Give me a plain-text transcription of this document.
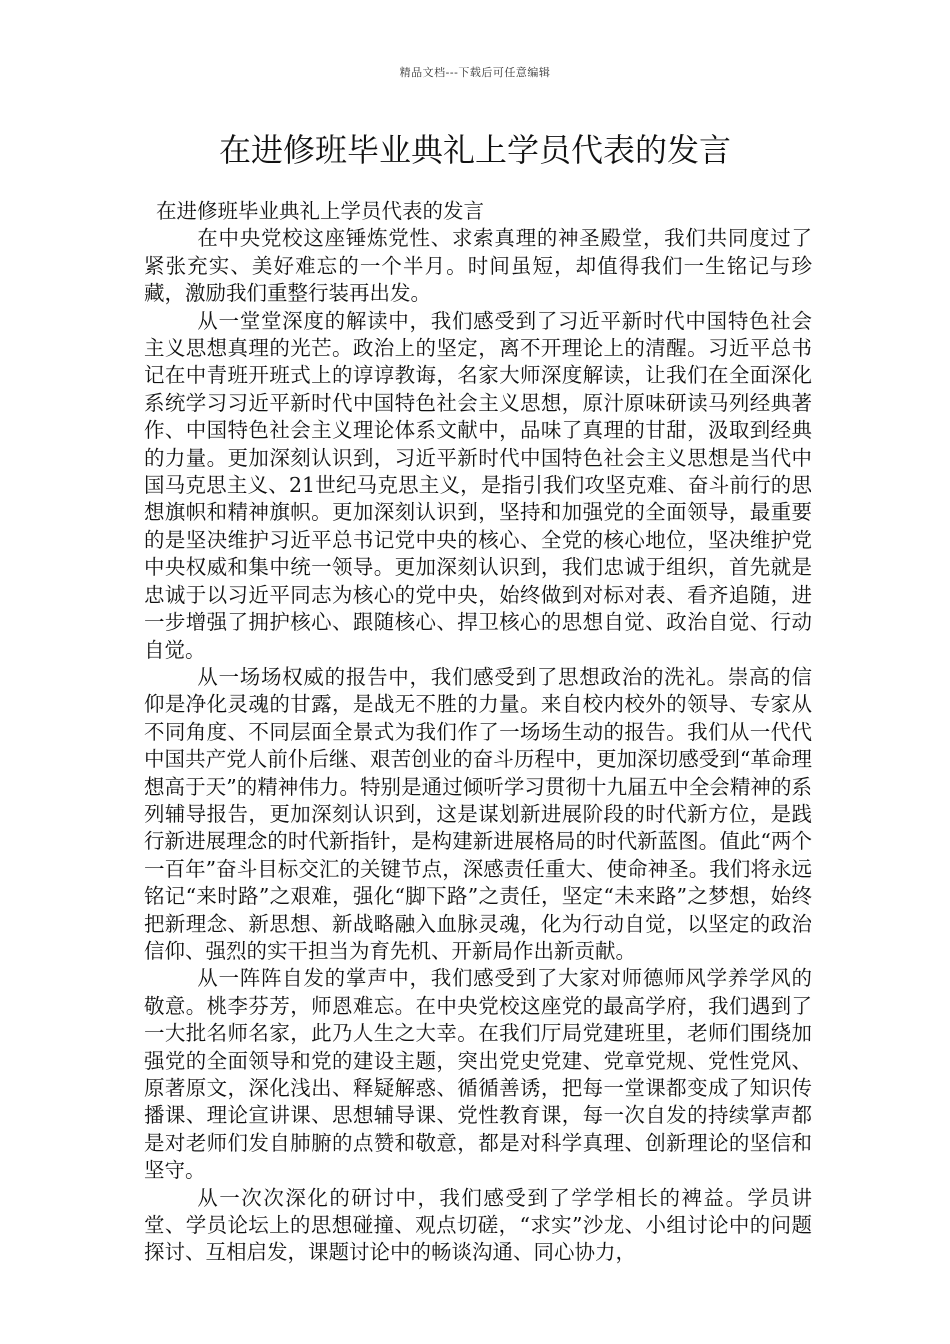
精品文档---下载后可任意编辑
在进修班毕业典礼上学员代表的发言

在进修班毕业典礼上学员代表的发言

在中央党校这座锤炼党性、求索真理的神圣殿堂，我们共同度过了紧张充实、美好难忘的一个半月。时间虽短，却值得我们一生铭记与珍藏，激励我们重整行装再出发。

从一堂堂深度的解读中，我们感受到了习近平新时代中国特色社会主义思想真理的光芒。政治上的坚定，离不开理论上的清醒。习近平总书记在中青班开班式上的谆谆教诲，名家大师深度解读，让我们在全面深化系统学习习近平新时代中国特色社会主义思想，原汁原味研读马列经典著作、中国特色社会主义理论体系文献中，品味了真理的甘甜，汲取到经典的力量。更加深刻认识到，习近平新时代中国特色社会主义思想是当代中国马克思主义、21世纪马克思主义，是指引我们攻坚克难、奋斗前行的思想旗帜和精神旗帜。更加深刻认识到，坚持和加强党的全面领导，最重要的是坚决维护习近平总书记党中央的核心、全党的核心地位，坚决维护党中央权威和集中统一领导。更加深刻认识到，我们忠诚于组织，首先就是忠诚于以习近平同志为核心的党中央，始终做到对标对表、看齐追随，进一步增强了拥护核心、跟随核心、捍卫核心的思想自觉、政治自觉、行动自觉。

从一场场权威的报告中，我们感受到了思想政治的洗礼。崇高的信仰是净化灵魂的甘露，是战无不胜的力量。来自校内校外的领导、专家从不同角度、不同层面全景式为我们作了一场场生动的报告。我们从一代代中国共产党人前仆后继、艰苦创业的奋斗历程中，更加深切感受到“革命理想高于天”的精神伟力。特别是通过倾听学习贯彻十九届五中全会精神的系列辅导报告，更加深刻认识到，这是谋划新进展阶段的时代新方位，是践行新进展理念的时代新指针，是构建新进展格局的时代新蓝图。值此“两个一百年”奋斗目标交汇的关键节点，深感责任重大、使命神圣。我们将永远铭记“来时路”之艰难，强化“脚下路”之责任，坚定“未来路”之梦想，始终把新理念、新思想、新战略融入血脉灵魂，化为行动自觉，以坚定的政治信仰、强烈的实干担当为育先机、开新局作出新贡献。

从一阵阵自发的掌声中，我们感受到了大家对师德师风学养学风的敬意。桃李芬芳，师恩难忘。在中央党校这座党的最高学府，我们遇到了一大批名师名家，此乃人生之大幸。在我们厅局党建班里，老师们围绕加强党的全面领导和党的建设主题，突出党史党建、党章党规、党性党风、原著原文，深化浅出、释疑解惑、循循善诱，把每一堂课都变成了知识传播课、理论宣讲课、思想辅导课、党性教育课，每一次自发的持续掌声都是对老师们发自肺腑的点赞和敬意，都是对科学真理、创新理论的坚信和坚守。

从一次次深化的研讨中，我们感受到了学学相长的裨益。学员讲堂、学员论坛上的思想碰撞、观点切磋，“求实”沙龙、小组讨论中的问题探讨、互相启发，课题讨论中的畅谈沟通、同心协力，
